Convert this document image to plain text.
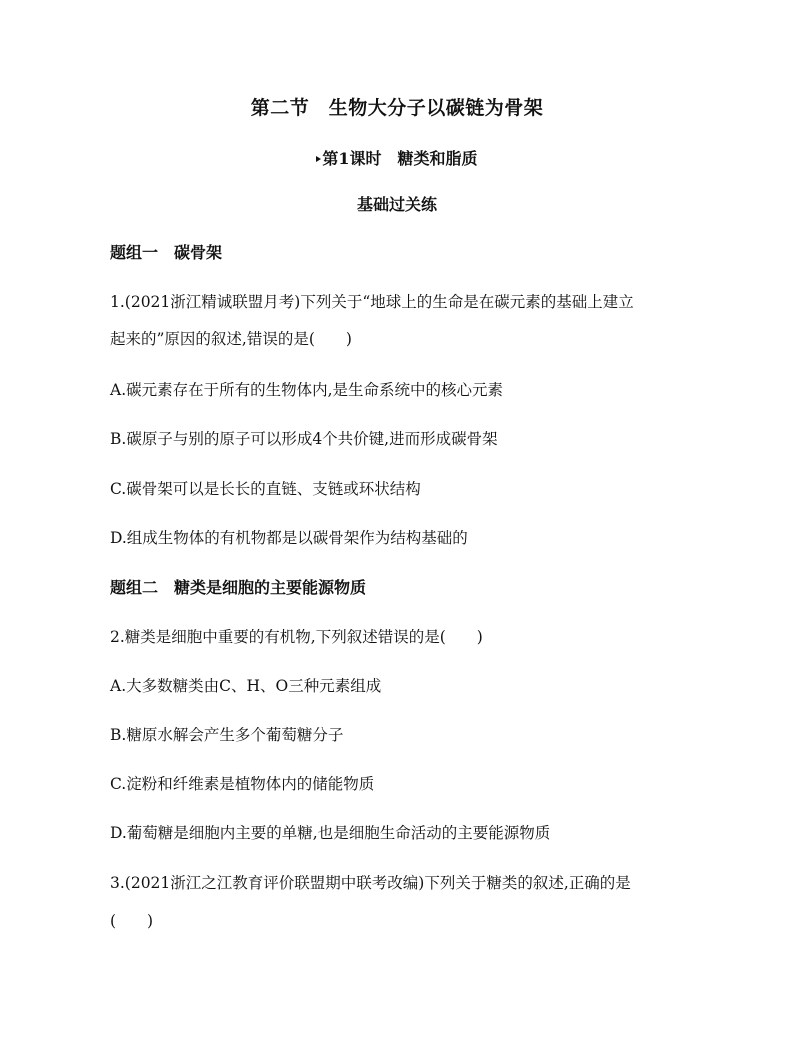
第二节　生物大分子以碳链为骨架
第1课时　糖类和脂质
基础过关练
题组一　碳骨架
1.(2021浙江精诚联盟月考)下列关于“地球上的生命是在碳元素的基础上建立
起来的”原因的叙述,错误的是(　　)
A.碳元素存在于所有的生物体内,是生命系统中的核心元素
B.碳原子与别的原子可以形成4个共价键,进而形成碳骨架
C.碳骨架可以是长长的直链、支链或环状结构
D.组成生物体的有机物都是以碳骨架作为结构基础的
题组二　糖类是细胞的主要能源物质
2.糖类是细胞中重要的有机物,下列叙述错误的是(　　)
A.大多数糖类由C、H、O三种元素组成
B.糖原水解会产生多个葡萄糖分子
C.淀粉和纤维素是植物体内的储能物质
D.葡萄糖是细胞内主要的单糖,也是细胞生命活动的主要能源物质
3.(2021浙江之江教育评价联盟期中联考改编)下列关于糖类的叙述,正确的是
(　　)
